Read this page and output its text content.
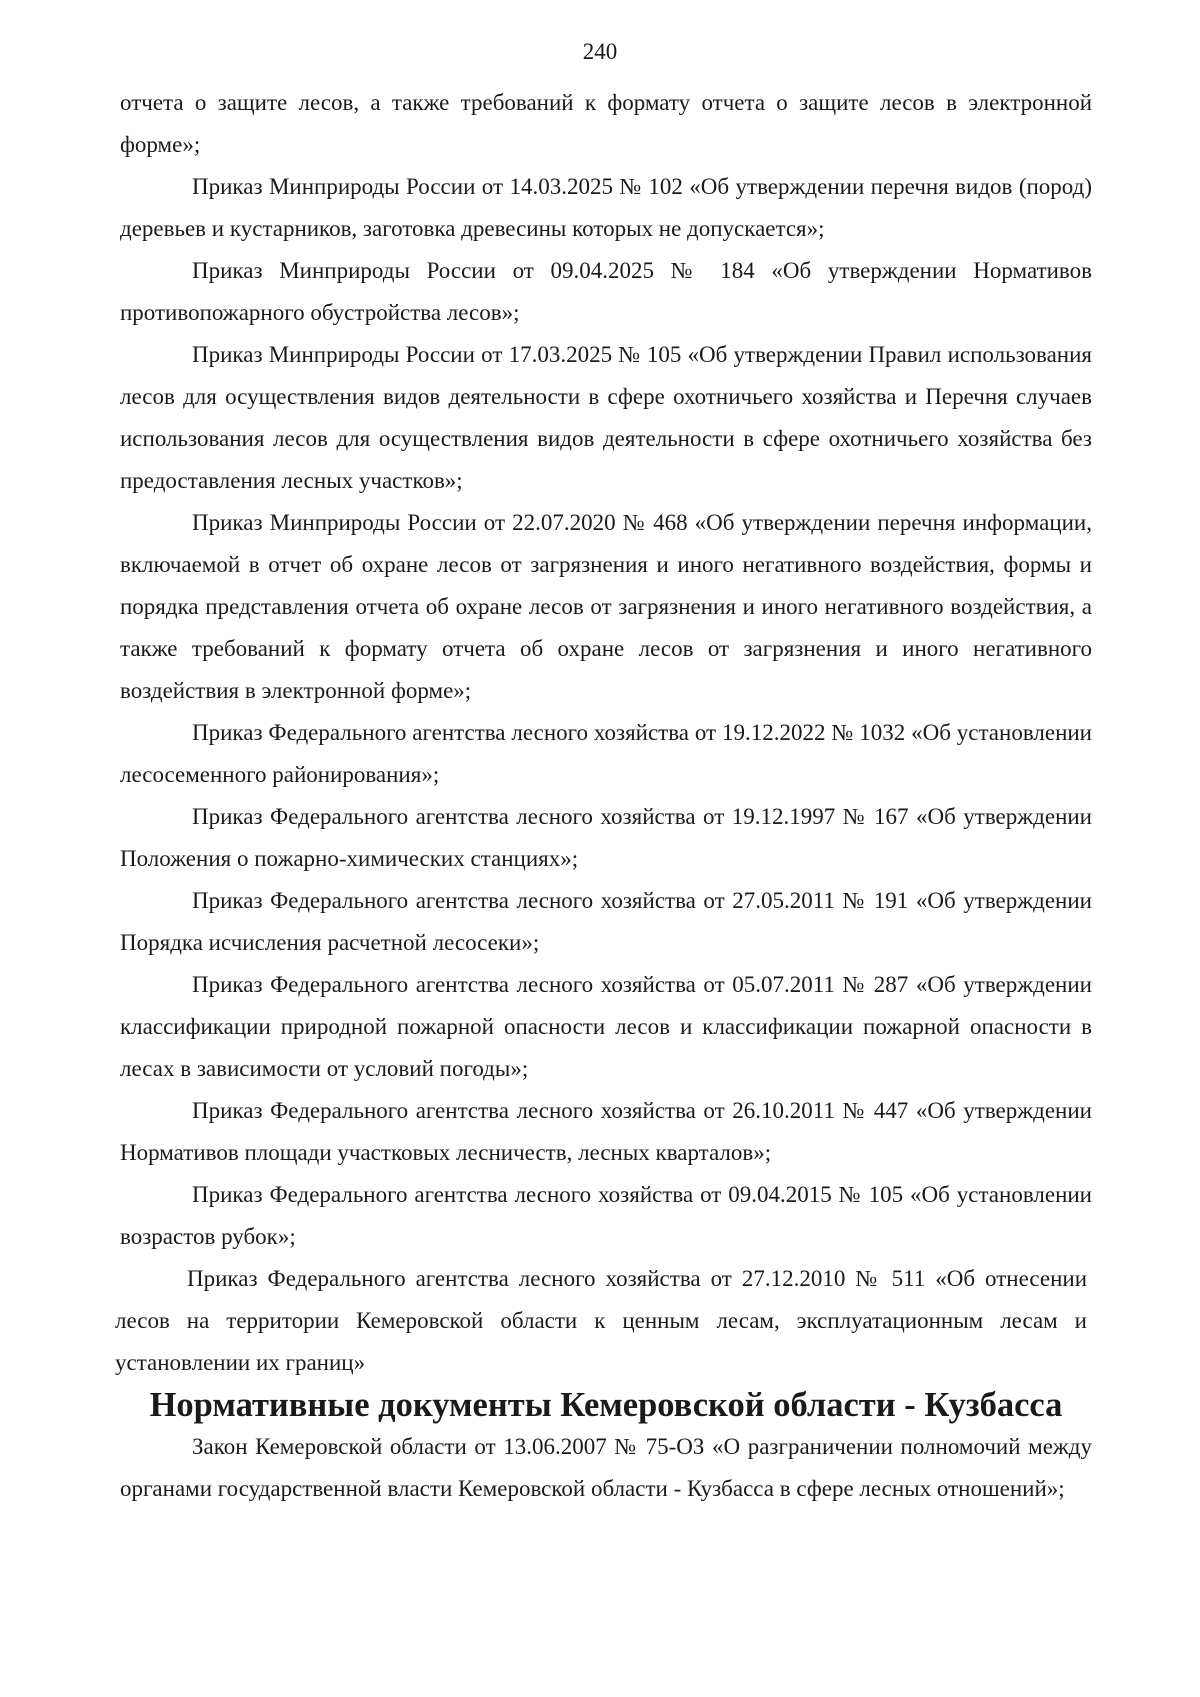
240

отчета о защите лесов, а также требований к формату отчета о защите лесов в электронной форме»;

Приказ Минприроды России от 14.03.2025 № 102 «Об утверждении перечня видов (пород) деревьев и кустарников, заготовка древесины которых не допускается»;

Приказ Минприроды России от 09.04.2025 № 184 «Об утверждении Нормативов противопожарного обустройства лесов»;

Приказ Минприроды России от 17.03.2025 № 105 «Об утверждении Правил использования лесов для осуществления видов деятельности в сфере охотничьего хозяйства и Перечня случаев использования лесов для осуществления видов деятельности в сфере охотничьего хозяйства без предоставления лесных участков»;

Приказ Минприроды России от 22.07.2020 № 468 «Об утверждении перечня информации, включаемой в отчет об охране лесов от загрязнения и иного негативного воздействия, формы и порядка представления отчета об охране лесов от загрязнения и иного негативного воздействия, а также требований к формату отчета об охране лесов от загрязнения и иного негативного воздействия в электронной форме»;

Приказ Федерального агентства лесного хозяйства от 19.12.2022 № 1032 «Об установлении лесосеменного районирования»;

Приказ Федерального агентства лесного хозяйства от 19.12.1997 № 167 «Об утверждении Положения о пожарно-химических станциях»;

Приказ Федерального агентства лесного хозяйства от 27.05.2011 № 191 «Об утверждении Порядка исчисления расчетной лесосеки»;

Приказ Федерального агентства лесного хозяйства от 05.07.2011 № 287 «Об утверждении классификации природной пожарной опасности лесов и классификации пожарной опасности в лесах в зависимости от условий погоды»;

Приказ Федерального агентства лесного хозяйства от 26.10.2011 № 447 «Об утверждении Нормативов площади участковых лесничеств, лесных кварталов»;

Приказ Федерального агентства лесного хозяйства от 09.04.2015 № 105 «Об установлении возрастов рубок»;

Приказ Федерального агентства лесного хозяйства от 27.12.2010 № 511 «Об отнесении лесов на территории Кемеровской области к ценным лесам, эксплуатационным лесам и установлении их границ»

Нормативные документы Кемеровской области - Кузбасса

Закон Кемеровской области от 13.06.2007 № 75-ОЗ «О разграничении полномочий между органами государственной власти Кемеровской области - Кузбасса в сфере лесных отношений»;
